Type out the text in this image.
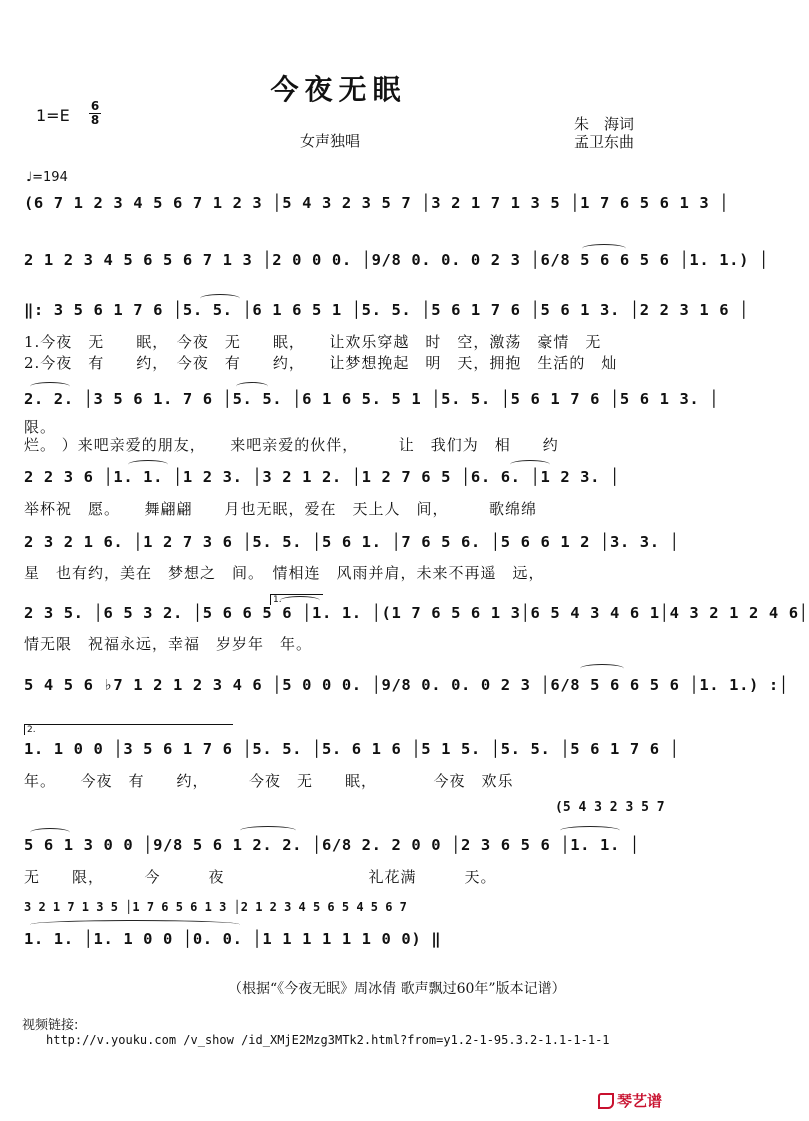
今夜无眠
1=E 6
8
女声独唱
朱　海词
孟卫东曲
♩=194
(6 7 1 2 3 4 5 6 7 1 2 3 │5 4 3 2 3 5 7 │3 2 1 7 1 3 5 │1 7 6 5 6 1 3 │
2 1 2 3 4 5 6 5 6 7 1 3 │2 0 0 0. │9/8 0. 0. 0 2 3 │6/8 5 6 6 5 6 │1. 1.) │
‖: 3 5 6 1 7 6 │5. 5. │6 1 6 5 1 │5. 5. │5 6 1 7 6 │5 6 1 3. │2 2 3 1 6 │
1.今夜　无　　眠，　今夜　无　　眠，　　让欢乐穿越　时　空，激荡　豪情　无
2.今夜　有　　约，　今夜　有　　约，　　让梦想挽起　明　天，拥抱　生活的　灿
2. 2. │3 5 6 1. 7 6 │5. 5. │6 1 6 5. 5 1 │5. 5. │5 6 1 7 6 │5 6 1 3. │
限。
烂。 ）来吧亲爱的朋友，　　来吧亲爱的伙伴，　　　让　我们为　相　　约
2 2 3 6 │1. 1. │1 2 3. │3 2 1 2. │1 2 7 6 5 │6. 6. │1 2 3. │
举杯祝　愿。　　舞翩翩　　月也无眠，爱在　天上人　间，　　　歌绵绵
2 3 2 1 6. │1 2 7 3 6 │5. 5. │5 6 1. │7 6 5 6. │5 6 6 1 2 │3. 3. │
星　也有约，美在　梦想之　间。　情相连　风雨并肩，未来不再遥　远，
1.
2 3 5. │6 5 3 2. │5 6 6 5 6 │1. 1. │(1 7 6 5 6 1 3│6 5 4 3 4 6 1│4 3 2 1 2 4 6│
情无限　祝福永远，幸福　岁岁年　年。
5 4 5 6 ♭7 1 2 1 2 3 4 6 │5 0 0 0. │9/8 0. 0. 0 2 3 │6/8 5 6 6 5 6 │1. 1.) :│
2.
1. 1 0 0 │3 5 6 1 7 6 │5. 5. │5. 6 1 6 │5 1 5. │5. 5. │5 6 1 7 6 │
年。　　今夜　有　　约，　　　今夜　无　　眠，　　　　今夜　欢乐
(5 4 3 2 3 5 7
5 6 1 3 0 0 │9/8 5 6 1 2. 2. │6/8 2. 2 0 0 │2 3 6 5 6 │1. 1. │
无　　限，　　　今　　　夜　　　　　　　　　礼花满　　　天。
3 2 1 7 1 3 5 │1 7 6 5 6 1 3 │2 1 2 3 4 5 6 5 4 5 6 7
1. 1. │1. 1 0 0 │0. 0. │1 1 1 1 1 1 0 0) ‖
（根据“《今夜无眠》周冰倩 歌声飘过60年”版本记谱）
视频链接:
http://v.youku.com /v_show /id_XMjE2Mzg3MTk2.html?from=y1.2-1-95.3.2-1.1-1-1-1
琴艺谱
